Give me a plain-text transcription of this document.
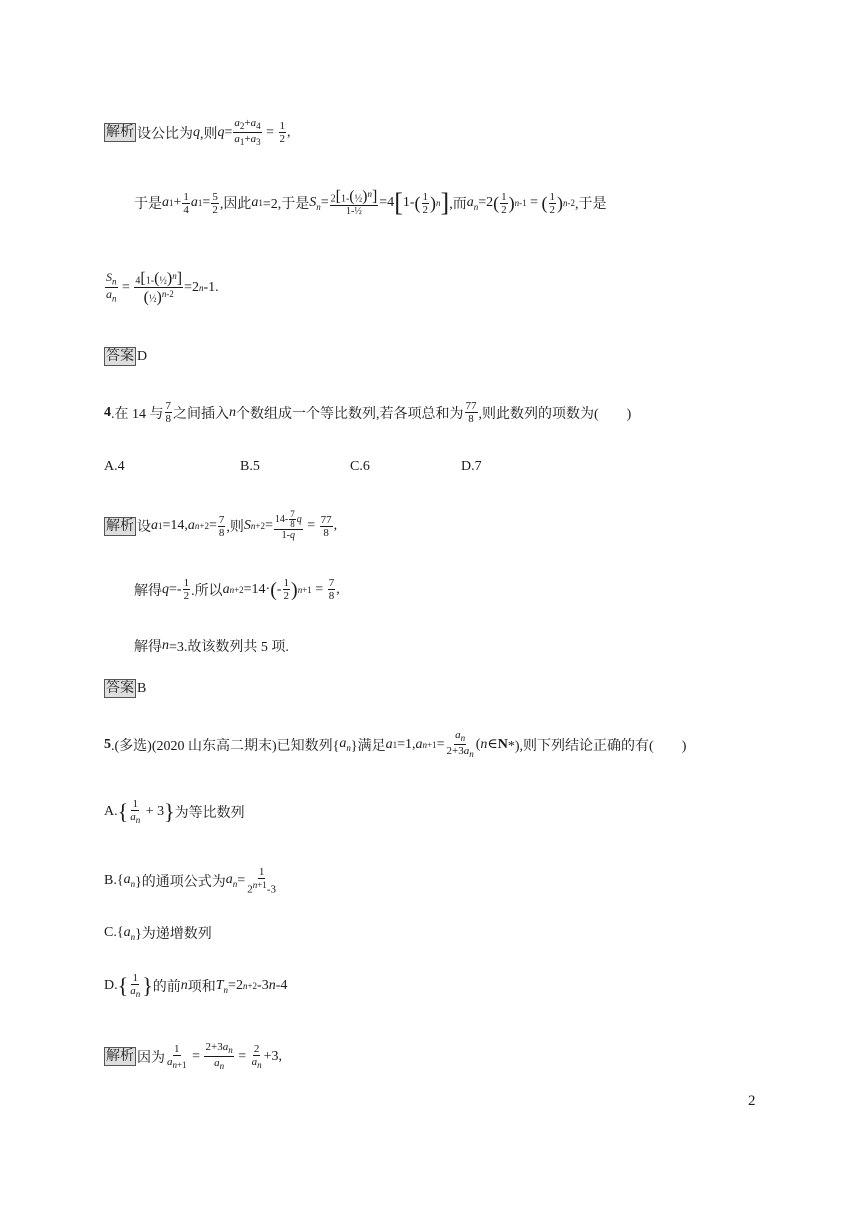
解析 设公比为 q ,则 $q = \frac{a_2+a_4}{a_1+a_3} = \frac{1}{2}$ ,
于是 a $1 + \frac{1}{4}$ a $1 = \frac{5}{2}$ ,因此 a 1 =2,于是 $S_n = \frac{2[1-(\frac{1}{2})^n]}{\text{1-½}} =4$ [ 1- ( $\frac{1}{2}$ ) n ] ,而 $a_n =2$ ( $\frac{1}{2}$ ) n-1 = ( $\frac{1}{2}$ ) n-2 ,于是
$\frac{S_n}{a_n} = \frac{4[1-(\frac{1}{2})^n]}{(\frac{1}{2})^{n-2}} =2$ n -1.
答案 D
4 .在 14 与 $\frac{7}{8}$ 之间插入 n 个数组成一个等比数列,若各项总和为 $\frac{77}{8}$ ,则此数列的项数为(　　)
A.4	B.5	C.6	D.7
解析 设 a 1 =14, a $n+2 = \frac{7}{8}$ ,则 S $n+2 = \frac{14- \frac{7}{8} q}{1-q} = \frac{77}{8}$ ,
解得 $q =- \frac{1}{2}$ .所以 a n+2 =14· ( - $\frac{1}{2}$ ) $n+1 = \frac{7}{8}$ ,
解得 n =3.故该数列共 5 项.
答案 B
5 .(多选)(2020 山东高二期末)已知数列{ $a_n$ }满足 a 1 =1, a $n+1 = \frac{a_n}{2+3a_n}$ ( n ∈ N *),则下列结论正确的有(　　)
A. { $\frac{1}{a_n} + 3$ } 为等比数列
B.{ $a_n$ }的通项公式为 $a_n = \frac{1}{2^{n+1}-3}$
C.{ $a_n$ }为递增数列
D. { $\frac{1}{a_n}$ } 的前 n 项和 $T_n =2$ n+2 -3 n -4
解析 因为 $\frac{1}{a_{n+1}} = \frac{2+3a_n}{a_n} = \frac{2}{a_n} +3$,
2
